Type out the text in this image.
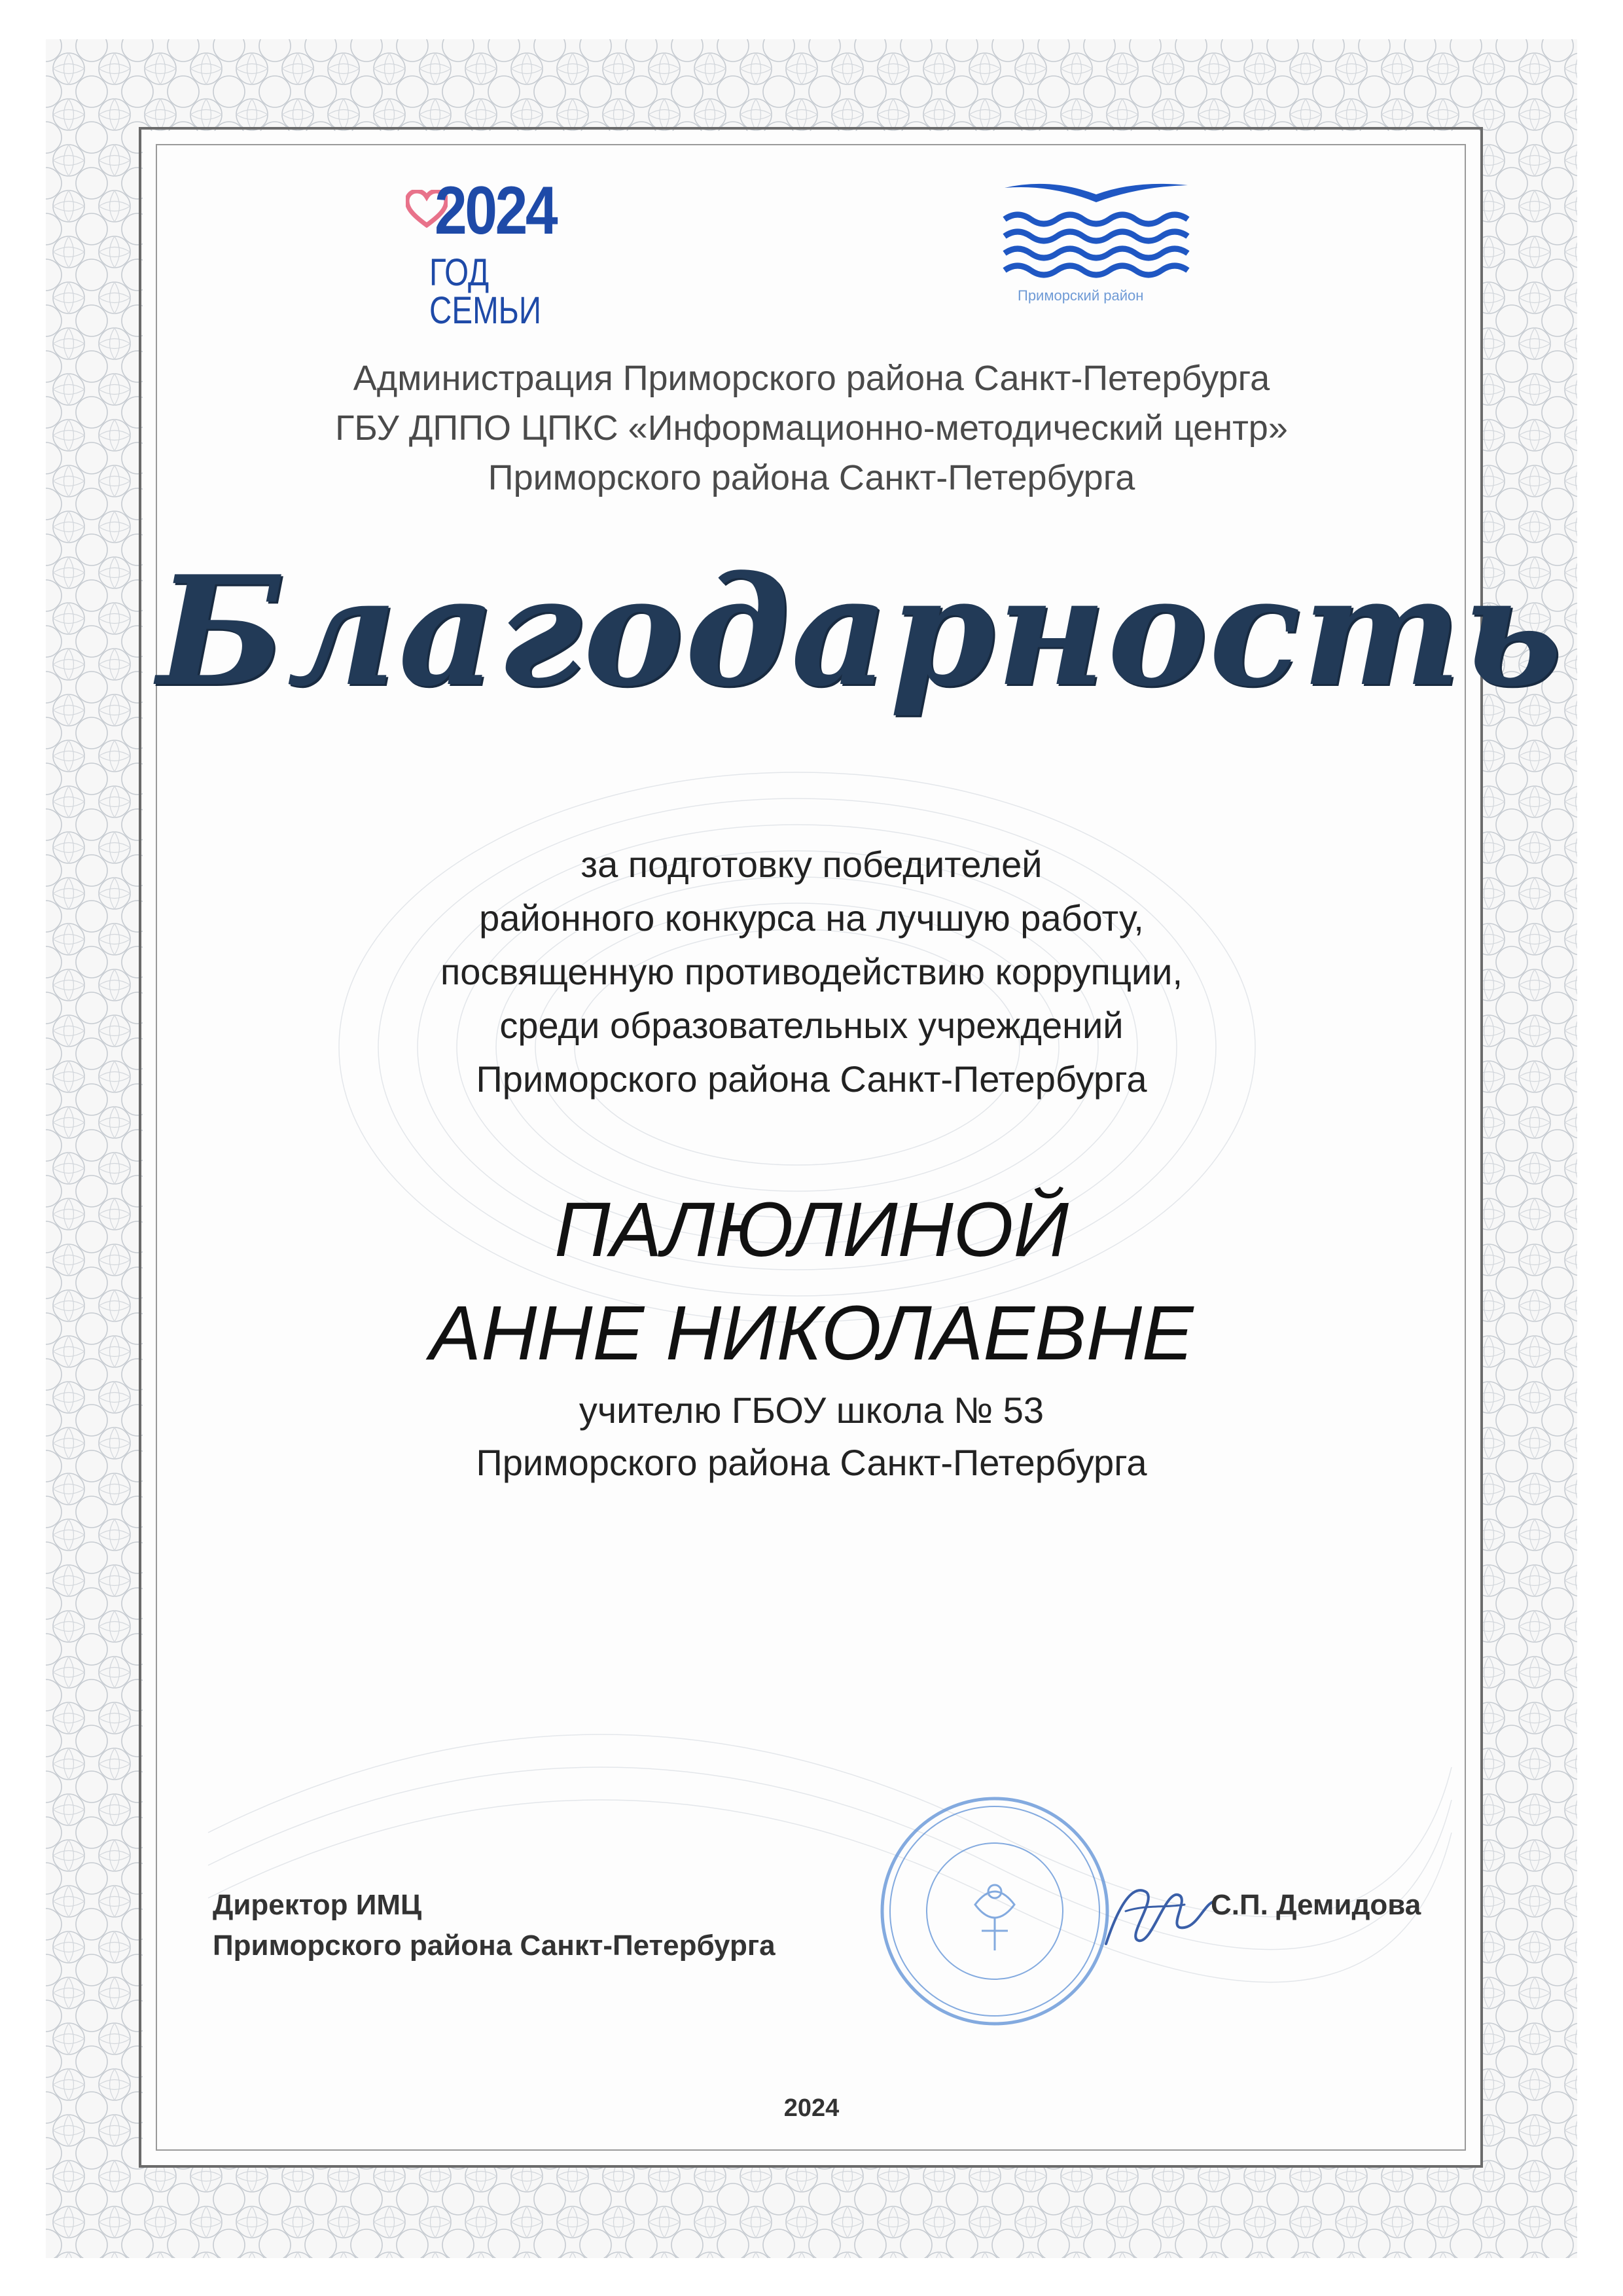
2024
ГОД СЕМЬИ	Приморский район
Администрация Приморского района Санкт-Петербурга
ГБУ ДППО ЦПКС «Информационно-методический центр»
Приморского района Санкт-Петербурга
Благодарность
за подготовку победителей
районного конкурса на лучшую работу,
посвященную противодействию коррупции,
среди образовательных учреждений
Приморского района Санкт-Петербурга
ПАЛЮЛИНОЙ
АННЕ НИКОЛАЕВНЕ
учителю ГБОУ школа № 53
Приморского района Санкт-Петербурга
Директор ИМЦ
Приморского района Санкт-Петербурга
С.П. Демидова
2024
